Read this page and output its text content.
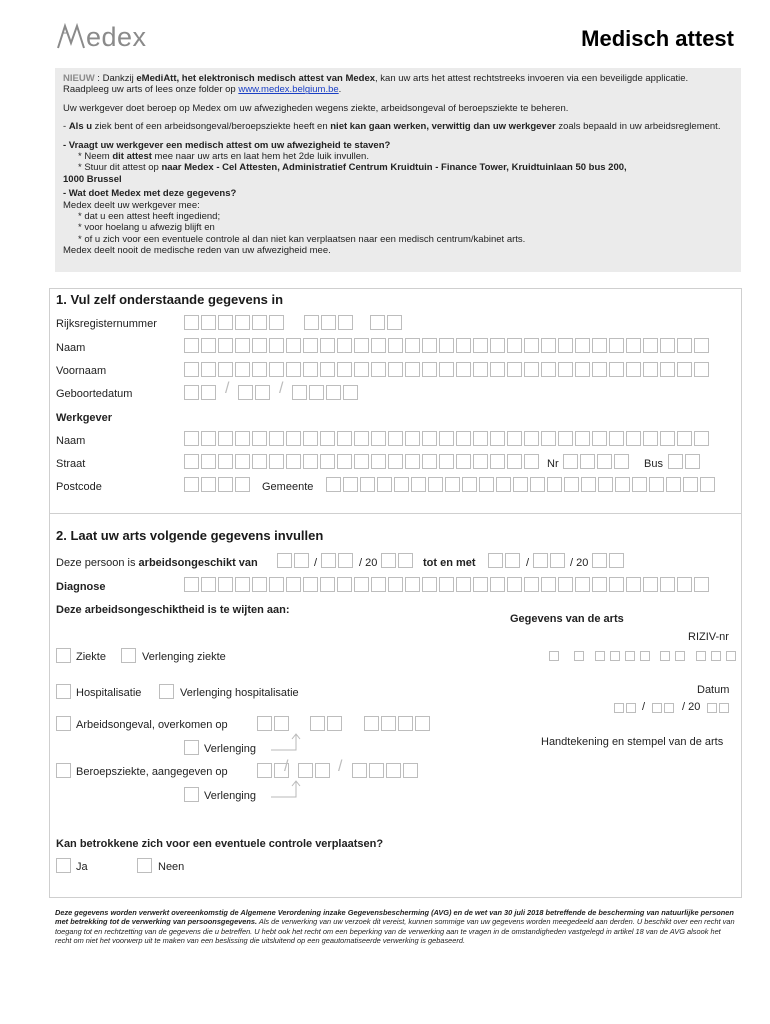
edex	Medisch attest

NIEUW : Dankzij eMediAtt, het elektronisch medisch attest van Medex, kan uw arts het attest rechtstreeks invoeren via een beveiligde applicatie. Raadpleeg uw arts of lees onze folder op www.medex.belgium.be.

Uw werkgever doet beroep op Medex om uw afwezigheden wegens ziekte, arbeidsongeval of beroepsziekte te beheren.

- Als u ziek bent of een arbeidsongeval/beroepsziekte heeft en niet kan gaan werken, verwittig dan uw werkgever zoals bepaald in uw arbeidsreglement.

- Vraagt uw werkgever een medisch attest om uw afwezigheid te staven?
* Neem dit attest mee naar uw arts en laat hem het 2de luik invullen.
* Stuur dit attest op naar Medex - Cel Attesten, Administratief Centrum Kruidtuin - Finance Tower, Kruidtuinlaan 50 bus 200,
1000 Brussel

- Wat doet Medex met deze gegevens?
Medex deelt uw werkgever mee:
* dat u een attest heeft ingediend;
* voor hoelang u afwezig blijft en
* of u zich voor een eventuele controle al dan niet kan verplaatsen naar een medisch centrum/kabinet arts.
Medex deelt nooit de medische reden van uw afwezigheid mee.

1. Vul zelf onderstaande gegevens in
Rijksregisternummer
Naam
Voornaam
Geboortedatum	/	/
Werkgever
Naam
Straat	Nr	Bus
Postcode	Gemeente
2. Laat uw arts volgende gegevens invullen
Deze persoon is arbeidsongeschikt van	/	/ 20	tot en met	/	/ 20
Diagnose
Deze arbeidsongeschiktheid is te wijten aan:
Gegevens van de arts
RIZIV-nr
Ziekte	Verlenging ziekte
Hospitalisatie	Verlenging hospitalisatie	Datum
/	/ 20
Arbeidsongeval, overkomen op
Verlenging
Handtekening en stempel van de arts
Beroepsziekte, aangegeven op	/	/
Verlenging
Kan betrokkene zich voor een eventuele controle verplaatsen?
Ja	Neen
Deze gegevens worden verwerkt overeenkomstig de Algemene Verordening inzake Gegevensbescherming (AVG) en de wet van 30 juli 2018 betreffende de bescherming van natuurlijke personen met betrekking tot de verwerking van persoonsgegevens. Als de verwerking van uw verzoek dit vereist, kunnen sommige van uw gegevens worden meegedeeld aan derden. U beschikt over een recht van toegang tot en rechtzetting van de gegevens die u betreffen. U hebt ook het recht om een beperking van de verwerking aan te vragen in de omstandigheden vastgelegd in artikel 18 van de AVG alsook het recht om niet het voorwerp uit te maken van een beslissing die uitsluitend op een geautomatiseerde verwerking is gebaseerd.
